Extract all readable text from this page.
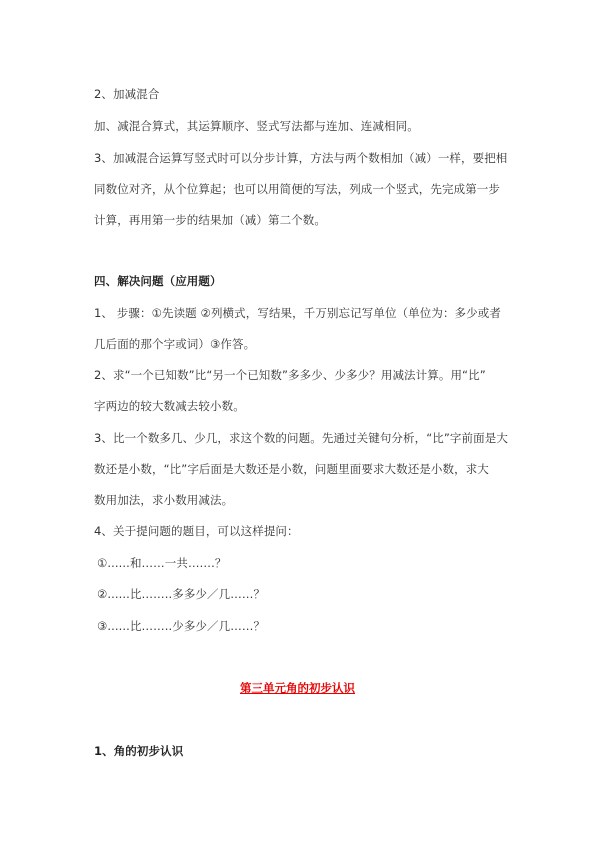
2、加减混合
加、减混合算式，其运算顺序、竖式写法都与连加、连减相同。
3、加减混合运算写竖式时可以分步计算，方法与两个数相加（减）一样，要把相
同数位对齐，从个位算起；也可以用简便的写法，列成一个竖式，先完成第一步
计算，再用第一步的结果加（减）第二个数。
四、解决问题（应用题）
1、 步骤：①先读题 ②列横式，写结果，千万别忘记写单位（单位为：多少或者
几后面的那个字或词）③作答。
2、求“一个已知数”比“另一个已知数”多多少、少多少？用减法计算。用“比”
字两边的较大数减去较小数。
3、比一个数多几、少几，求这个数的问题。先通过关键句分析，“比”字前面是大
数还是小数，“比”字后面是大数还是小数，问题里面要求大数还是小数，求大
数用加法，求小数用减法。
4、关于提问题的题目，可以这样提问：
①......和……一共…….？
②......比……..多多少／几……？
③......比……..少多少／几……？
第三单元角的初步认识
1、角的初步认识
